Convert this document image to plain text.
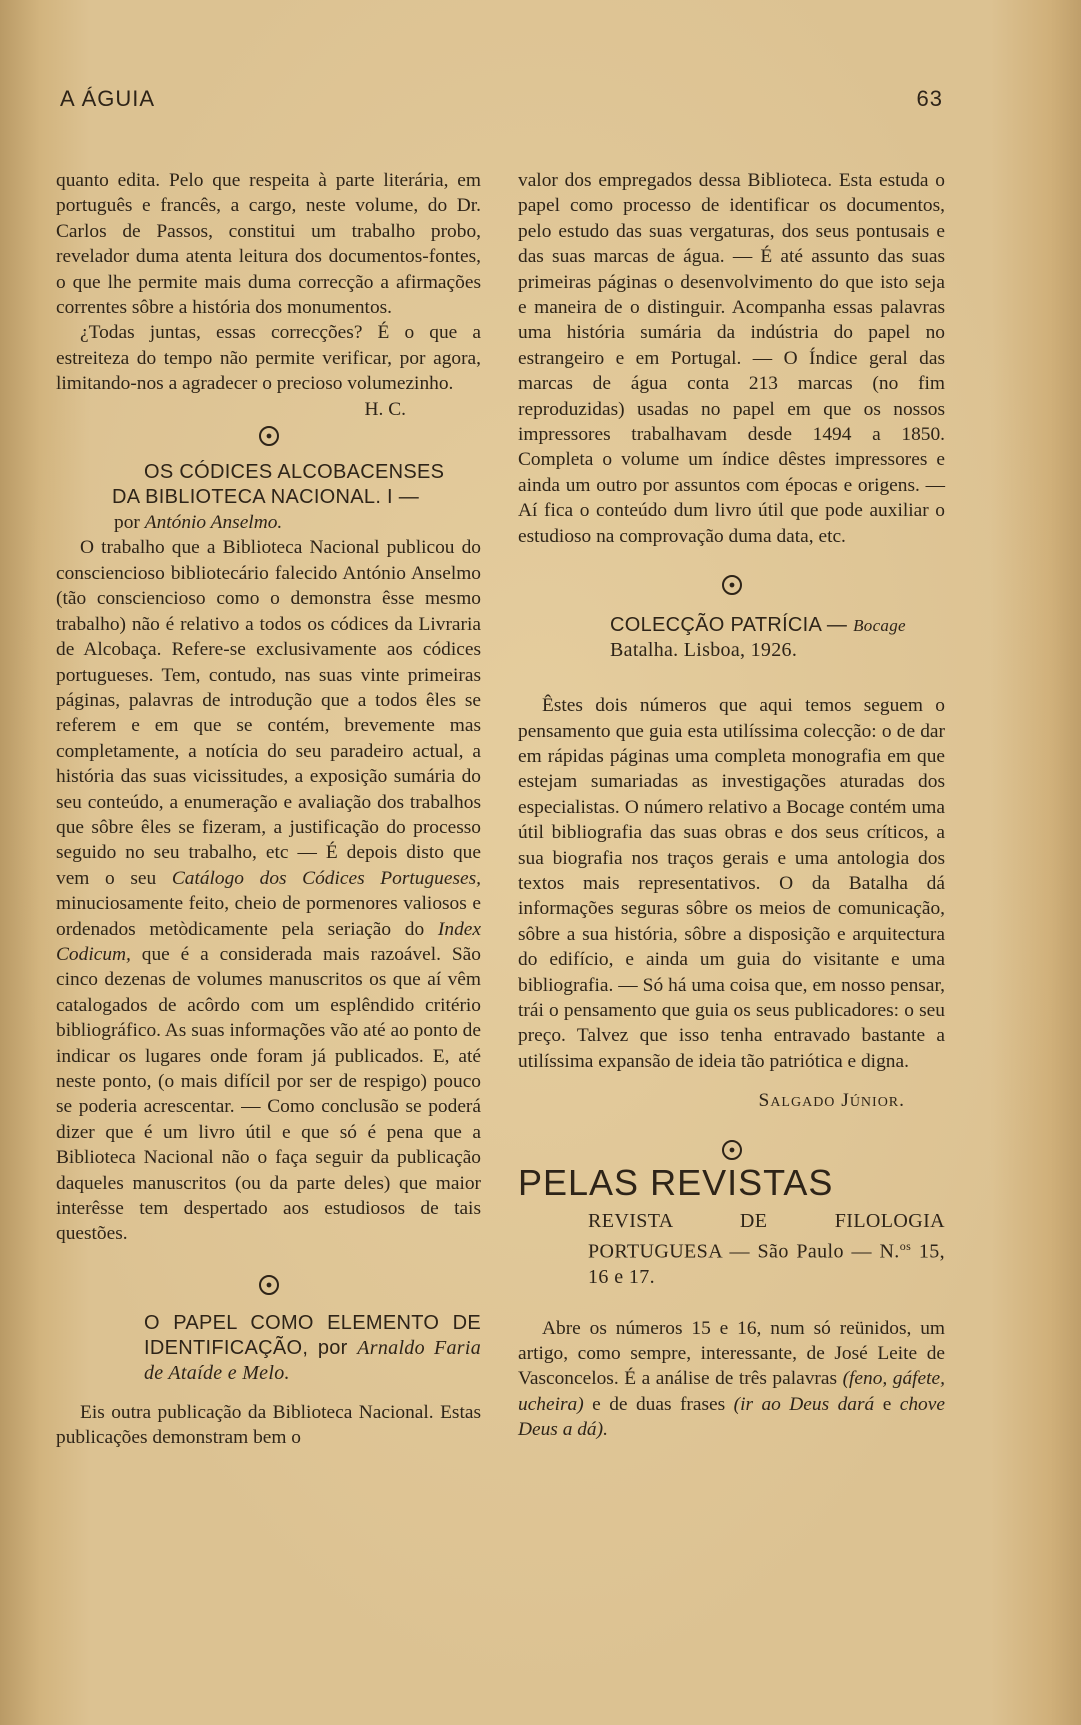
A ÁGUIA	63

quanto edita. Pelo que respeita à parte literária, em português e francês, a cargo, neste volume, do Dr. Carlos de Passos, constitui um trabalho probo, revelador duma atenta leitura dos documentos-fontes, o que lhe permite mais duma correcção a afirmações correntes sôbre a história dos monumentos.

¿Todas juntas, essas correcções? É o que a estreiteza do tempo não permite verificar, por agora, limitando-nos a agradecer o precioso volumezinho.

H. C.

OS CÓDICES ALCOBACENSES
DA BIBLIOTECA NACIONAL. I —

por António Anselmo.

O trabalho que a Biblioteca Nacional publicou do consciencioso bibliotecário falecido António Anselmo (tão consciencioso como o demonstra êsse mesmo trabalho) não é relativo a todos os códices da Livraria de Alcobaça. Refere-se exclusivamente aos códices portugueses. Tem, contudo, nas suas vinte primeiras páginas, palavras de introdução que a todos êles se referem e em que se contém, brevemente mas completamente, a notícia do seu paradeiro actual, a história das suas vicissitudes, a exposição sumária do seu conteúdo, a enumeração e avaliação dos trabalhos que sôbre êles se fizeram, a justificação do processo seguido no seu trabalho, etc — É depois disto que vem o seu Catálogo dos Códices Portugueses, minuciosamente feito, cheio de pormenores valiosos e ordenados metòdicamente pela seriação do Index Codicum, que é a considerada mais razoável. São cinco dezenas de volumes manuscritos os que aí vêm catalogados de acôrdo com um esplêndido critério bibliográfico. As suas informações vão até ao ponto de indicar os lugares onde foram já publicados. E, até neste ponto, (o mais difícil por ser de respigo) pouco se poderia acrescentar. — Como conclusão se poderá dizer que é um livro útil e que só é pena que a Biblioteca Nacional não o faça seguir da publicação daqueles manuscritos (ou da parte deles) que maior interêsse tem despertado aos estudiosos de tais questões.

O PAPEL COMO ELEMENTO DE IDENTIFICAÇÃO, por Arnaldo Faria de Ataíde e Melo.

Eis outra publicação da Biblioteca Nacional. Estas publicações demonstram bem o

valor dos empregados dessa Biblioteca. Esta estuda o papel como processo de identificar os documentos, pelo estudo das suas vergaturas, dos seus pontusais e das suas marcas de água. — É até assunto das suas primeiras páginas o desenvolvimento do que isto seja e maneira de o distinguir. Acompanha essas palavras uma história sumária da indústria do papel no estrangeiro e em Portugal. — O Índice geral das marcas de água conta 213 marcas (no fim reproduzidas) usadas no papel em que os nossos impressores trabalhavam desde 1494 a 1850. Completa o volume um índice dêstes impressores e ainda um outro por assuntos com épocas e origens. — Aí fica o conteúdo dum livro útil que pode auxiliar o estudioso na comprovação duma data, etc.

COLECÇÃO PATRÍCIA — Bocage
Batalha. Lisboa, 1926.

Êstes dois números que aqui temos seguem o pensamento que guia esta utilíssima colecção: o de dar em rápidas páginas uma completa monografia em que estejam sumariadas as investigações aturadas dos especialistas. O número relativo a Bocage contém uma útil bibliografia das suas obras e dos seus críticos, a sua biografia nos traços gerais e uma antologia dos textos mais representativos. O da Batalha dá informações seguras sôbre os meios de comunicação, sôbre a sua história, sôbre a disposição e arquitectura do edifício, e ainda um guia do visitante e uma bibliografia. — Só há uma coisa que, em nosso pensar, trái o pensamento que guia os seus publicadores: o seu preço. Talvez que isso tenha entravado bastante a utilíssima expansão de ideia tão patriótica e digna.

Salgado Júnior.

PELAS REVISTAS

REVISTA DE FILOLOGIA PORTUGUESA — São Paulo — N.$^{os}$ 15, 16 e 17.

Abre os números 15 e 16, num só reünidos, um artigo, como sempre, interessante, de José Leite de Vasconcelos. É a análise de três palavras (feno, gáfete, ucheira) e de duas frases (ir ao Deus dará e chove Deus a dá).
